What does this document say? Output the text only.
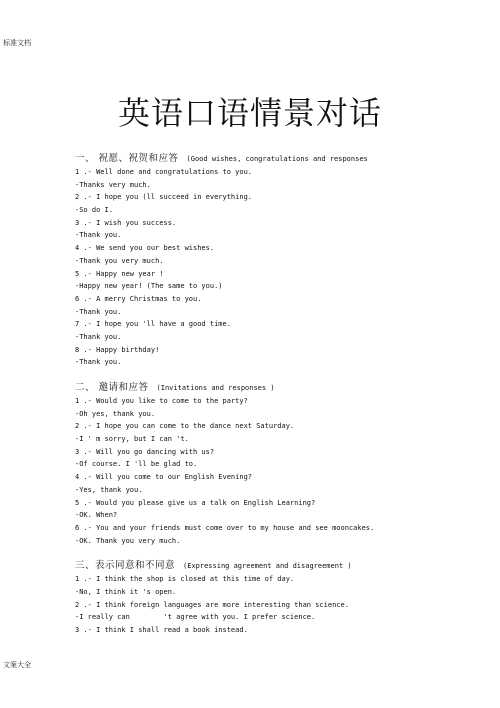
标准文档
英语口语情景对话
一、 祝愿、祝贺和应答 (Good wishes, congratulations and responses
1 .- Well done and congratulations to you.
-Thanks very much.
2 .- I hope you (ll succeed in everything.
-So do I.
3 .- I wish you success.
-Thank you.
4 .- We send you our best wishes.
-Thank you very much.
5 .- Happy new year !
-Happy new year! (The same to you.)
6 .- A merry Christmas to you.
-Thank you.
7 .- I hope you 'll have a good time.
-Thank you.
8 .- Happy birthday!
-Thank you.
二、 邀请和应答 (Invitations and responses )
1 .- Would you like to come to the party?
-Oh yes, thank you.
2 .- I hope you can come to the dance next Saturday.
-I ' m sorry, but I can 't.
3 .- Will you go dancing with us?
-Of course. I 'll be glad to.
4 .- Will you come to our English Evening?
-Yes, thank you.
5 .- Would you please give us a talk on English Learning?
-OK. When?
6 .- You and your friends must come over to my house and see mooncakes.
-OK. Thank you very much.
三、表示同意和不同意 (Expressing agreement and disagreement )
1 .- I think the shop is closed at this time of day.
-No, I think it 's open.
2 .- I think foreign languages are more interesting than science.
-I really can        't agree with you. I prefer science.
3 .- I think I shall read a book instead.
文案大全
